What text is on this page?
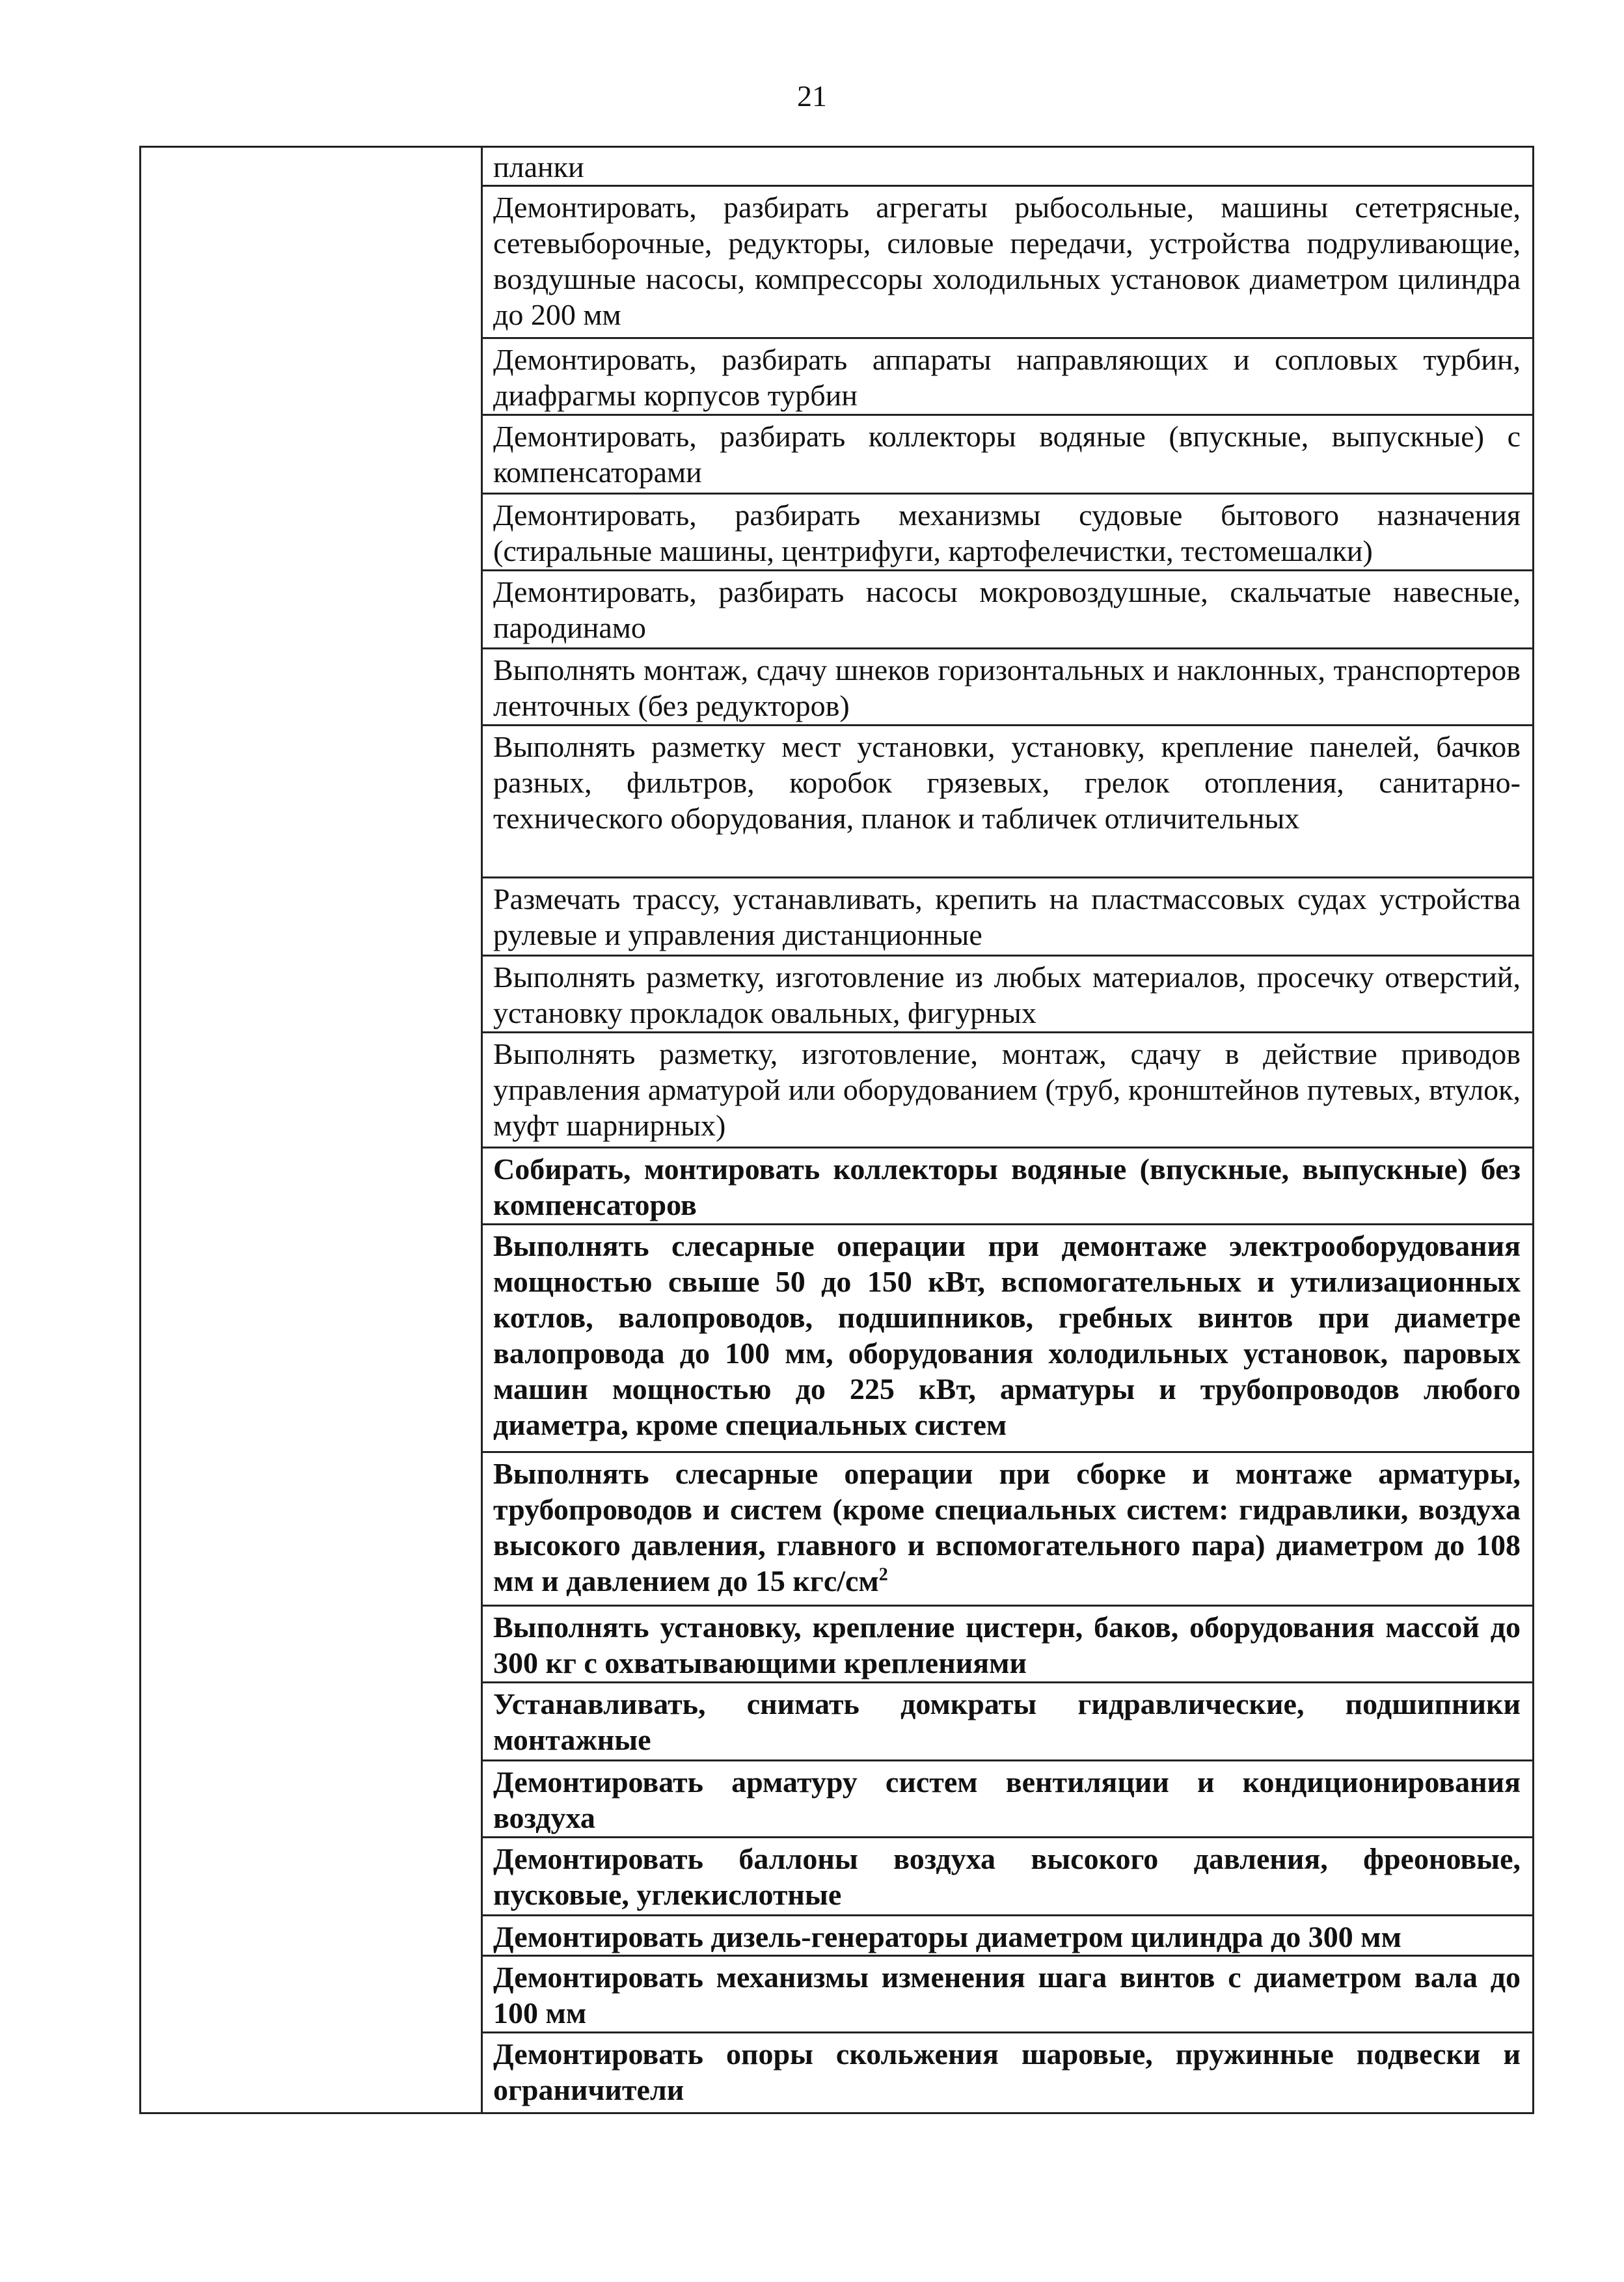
21

планки

Демонтировать, разбирать агрегаты рыбосольные, машины сететрясные, сетевыборочные, редукторы, силовые передачи, устройства подруливающие, воздушные насосы, компрессоры холодильных установок диаметром цилиндра до 200 мм

Демонтировать, разбирать аппараты направляющих и сопловых турбин, диафрагмы корпусов турбин

Демонтировать, разбирать коллекторы водяные (впускные, выпускные) с компенсаторами

Демонтировать, разбирать механизмы судовые бытового назначения (стиральные машины, центрифуги, картофелечистки, тестомешалки)

Демонтировать, разбирать насосы мокровоздушные, скальчатые навесные, пародинамо

Выполнять монтаж, сдачу шнеков горизонтальных и наклонных, транспортеров ленточных (без редукторов)

Выполнять разметку мест установки, установку, крепление панелей, бачков разных, фильтров, коробок грязевых, грелок отопления, санитарно-технического оборудования, планок и табличек отличительных

Размечать трассу, устанавливать, крепить на пластмассовых судах устройства рулевые и управления дистанционные

Выполнять разметку, изготовление из любых материалов, просечку отверстий, установку прокладок овальных, фигурных

Выполнять разметку, изготовление, монтаж, сдачу в действие приводов управления арматурой или оборудованием (труб, кронштейнов путевых, втулок, муфт шарнирных)

Собирать, монтировать коллекторы водяные (впускные, выпускные) без компенсаторов

Выполнять слесарные операции при демонтаже электрооборудования мощностью свыше 50 до 150 кВт, вспомогательных и утилизационных котлов, валопроводов, подшипников, гребных винтов при диаметре валопровода до 100 мм, оборудования холодильных установок, паровых машин мощностью до 225 кВт, арматуры и трубопроводов любого диаметра, кроме специальных систем

Выполнять слесарные операции при сборке и монтаже арматуры, трубопроводов и систем (кроме специальных систем: гидравлики, воздуха высокого давления, главного и вспомогательного пара) диаметром до 108 мм и давлением до 15 кгс/$см^2$

Выполнять установку, крепление цистерн, баков, оборудования массой до 300 кг с охватывающими креплениями

Устанавливать, снимать домкраты гидравлические, подшипники монтажные

Демонтировать арматуру систем вентиляции и кондиционирования воздуха

Демонтировать баллоны воздуха высокого давления, фреоновые, пусковые, углекислотные

Демонтировать дизель-генераторы диаметром цилиндра до 300 мм

Демонтировать механизмы изменения шага винтов с диаметром вала до 100 мм

Демонтировать опоры скольжения шаровые, пружинные подвески и ограничители
